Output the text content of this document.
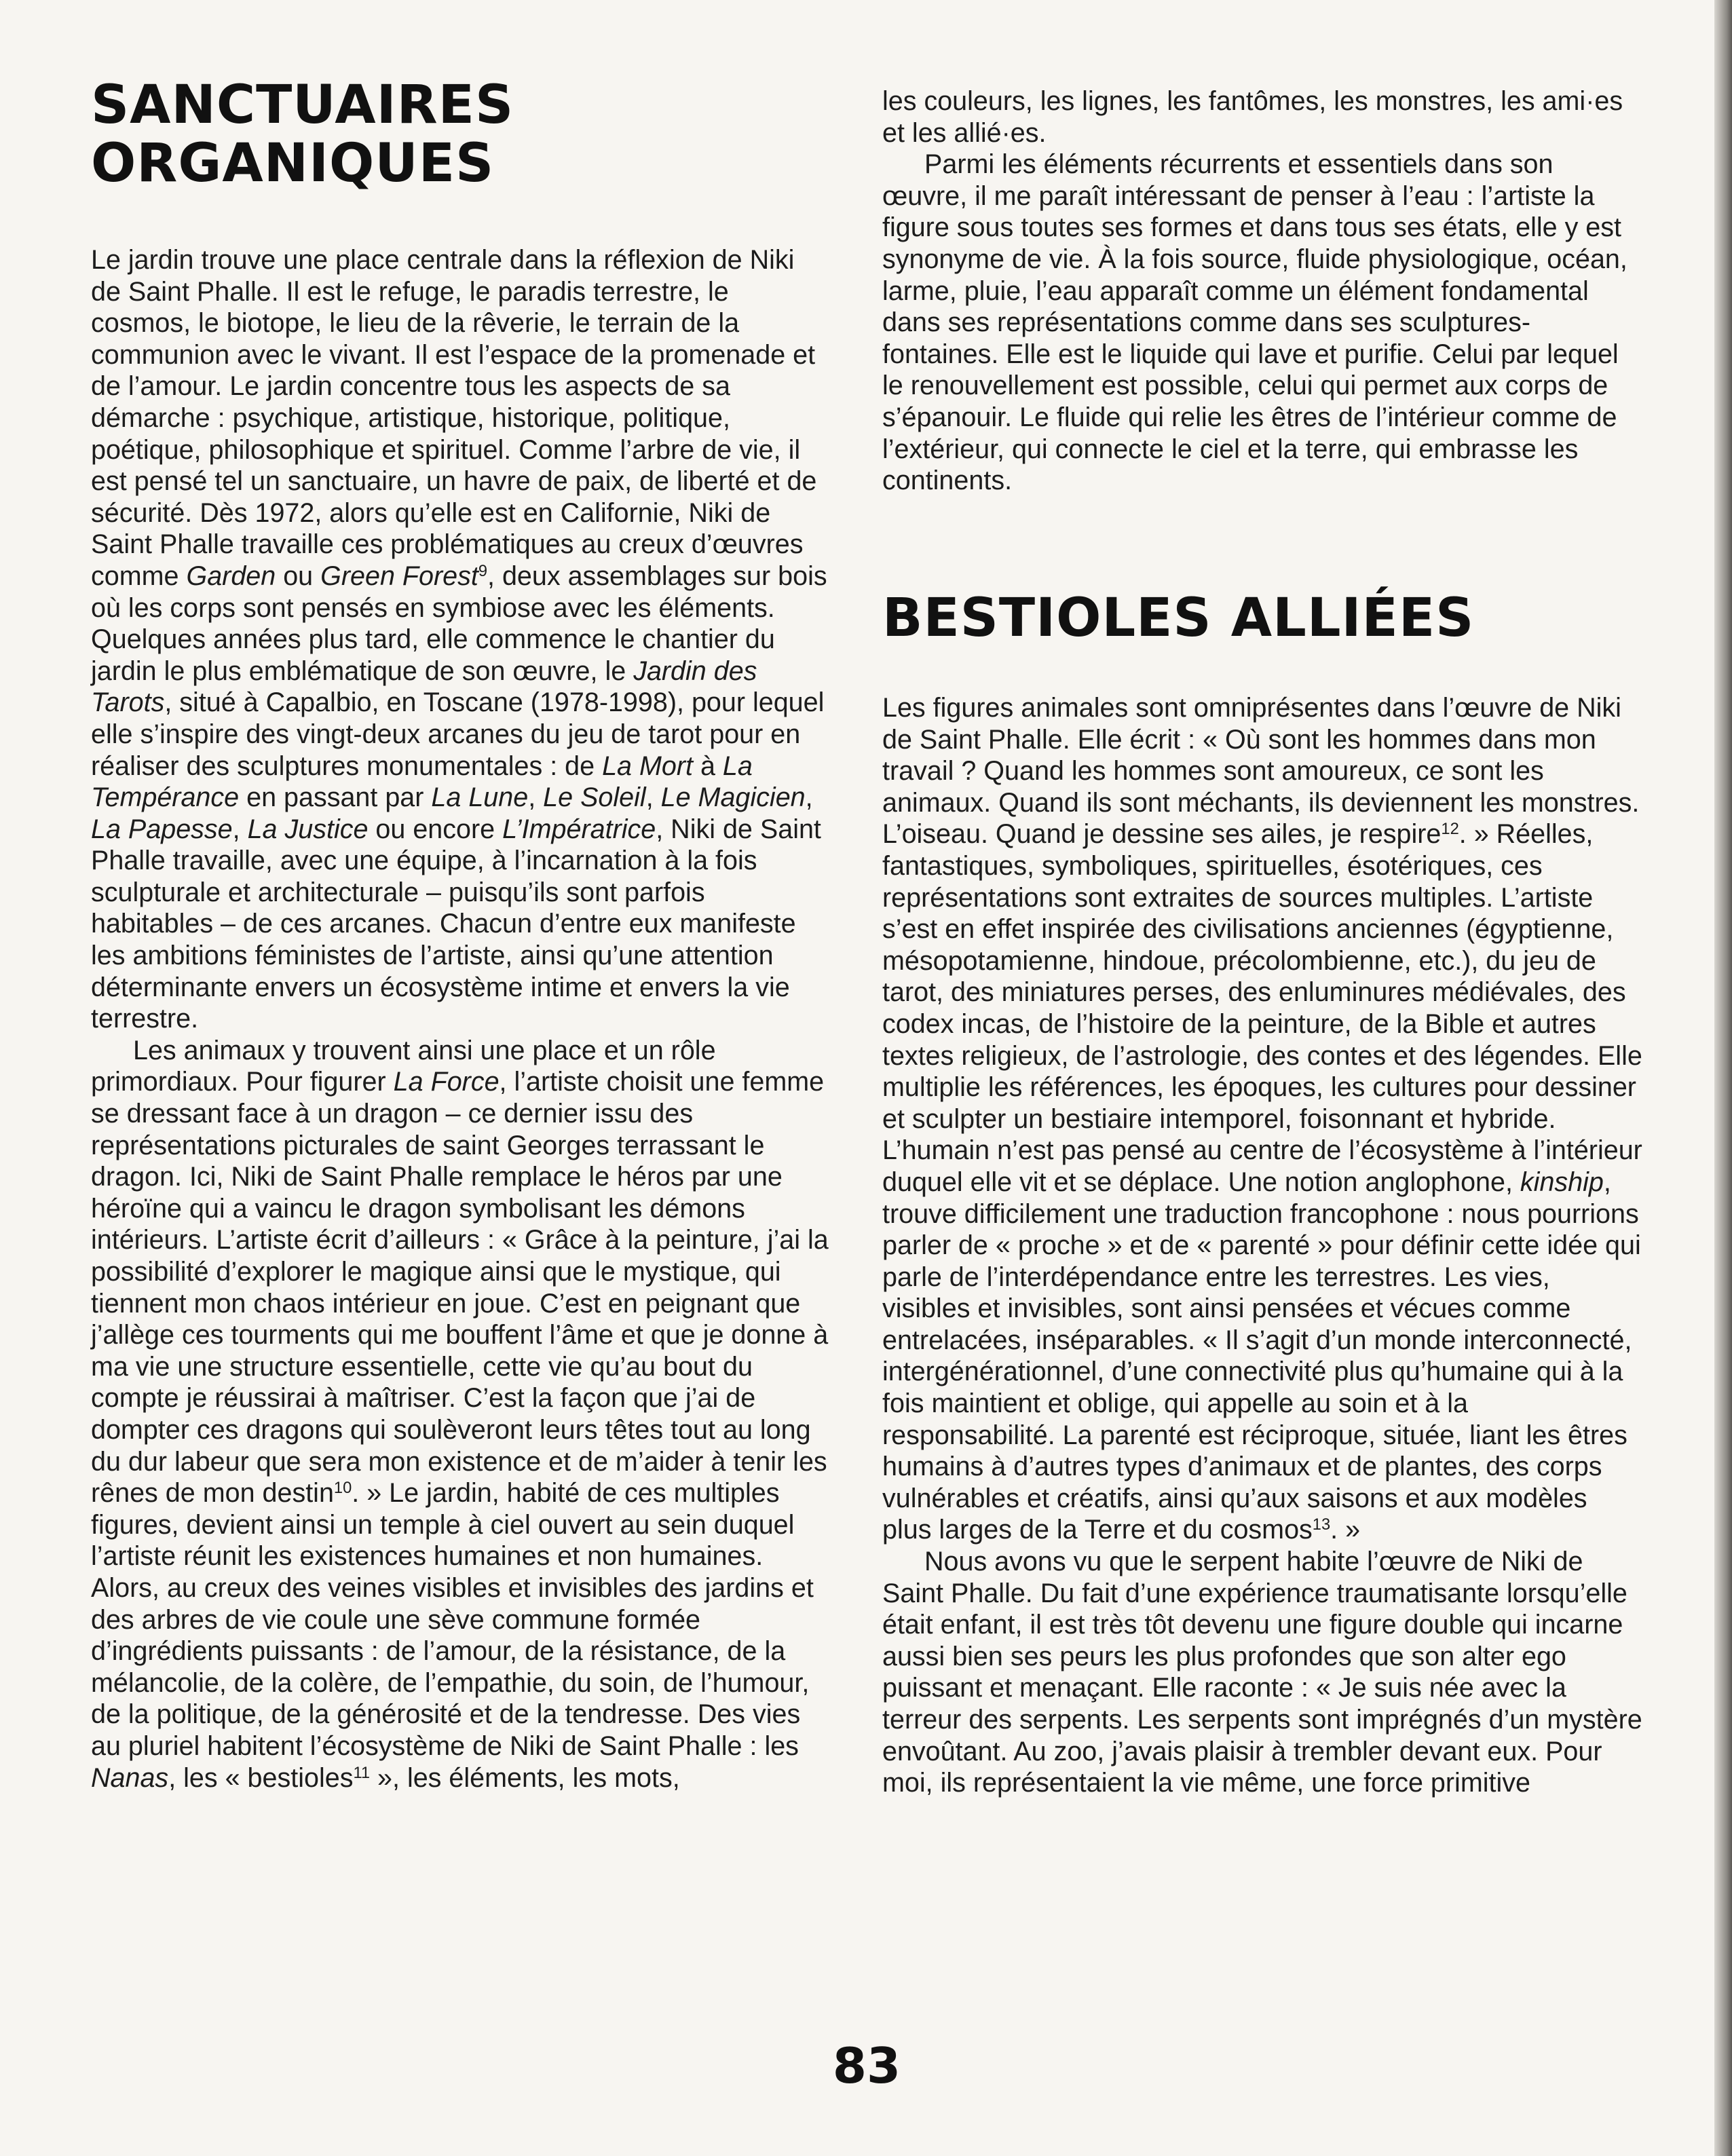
SANCTUAIRES
ORGANIQUES

Le jardin trouve une place centrale dans la réflexion de Niki de Saint Phalle. Il est le refuge, le paradis terrestre, le cosmos, le biotope, le lieu de la rêverie, le terrain de la communion avec le vivant. Il est l’espace de la promenade et de l’amour. Le jardin concentre tous les aspects de sa démarche : psychique, artistique, historique, politique, poétique, philosophique et spirituel. Comme l’arbre de vie, il est pensé tel un sanctuaire, un havre de paix, de liberté et de sécurité. Dès 1972, alors qu’elle est en Californie, Niki de Saint Phalle travaille ces problématiques au creux d’œuvres comme Garden ou Green Forest$^9$, deux assemblages sur bois où les corps sont pensés en symbiose avec les éléments. Quelques années plus tard, elle commence le chantier du jardin le plus emblématique de son œuvre, le Jardin des Tarots, situé à Capalbio, en Toscane (1978-1998), pour lequel elle s’inspire des vingt-deux arcanes du jeu de tarot pour en réaliser des sculptures monumentales : de La Mort à La Tempérance en passant par La Lune, Le Soleil, Le Magicien, La Papesse, La Justice ou encore L’Impératrice, Niki de Saint Phalle travaille, avec une équipe, à l’incarnation à la fois sculpturale et architecturale – puisqu’ils sont parfois habitables – de ces arcanes. Chacun d’entre eux manifeste les ambitions féministes de l’artiste, ainsi qu’une attention déterminante envers un écosystème intime et envers la vie terrestre.

Les animaux y trouvent ainsi une place et un rôle primordiaux. Pour figurer La Force, l’artiste choisit une femme se dressant face à un dragon – ce dernier issu des représentations picturales de saint Georges terrassant le dragon. Ici, Niki de Saint Phalle remplace le héros par une héroïne qui a vaincu le dragon symbolisant les démons intérieurs. L’artiste écrit d’ailleurs : « Grâce à la peinture, j’ai la possibilité d’explorer le magique ainsi que le mystique, qui tiennent mon chaos intérieur en joue. C’est en peignant que j’allège ces tourments qui me bouffent l’âme et que je donne à ma vie une structure essentielle, cette vie qu’au bout du compte je réussirai à maîtriser. C’est la façon que j’ai de dompter ces dragons qui soulèveront leurs têtes tout au long du dur labeur que sera mon existence et de m’aider à tenir les rênes de mon destin$^{10}$. » Le jardin, habité de ces multiples figures, devient ainsi un temple à ciel ouvert au sein duquel l’artiste réunit les existences humaines et non humaines. Alors, au creux des veines visibles et invisibles des jardins et des arbres de vie coule une sève commune formée d’ingrédients puissants : de l’amour, de la résistance, de la mélancolie, de la colère, de l’empathie, du soin, de l’humour, de la politique, de la générosité et de la tendresse. Des vies au pluriel habitent l’écosystème de Niki de Saint Phalle : les Nanas, les « bestioles$^{11}$ », les éléments, les mots,

les couleurs, les lignes, les fantômes, les monstres, les ami·es et les allié·es.

Parmi les éléments récurrents et essentiels dans son œuvre, il me paraît intéressant de penser à l’eau : l’artiste la figure sous toutes ses formes et dans tous ses états, elle y est synonyme de vie. À la fois source, fluide physiologique, océan, larme, pluie, l’eau apparaît comme un élément fondamental dans ses représentations comme dans ses sculptures-fontaines. Elle est le liquide qui lave et purifie. Celui par lequel le renouvellement est possible, celui qui permet aux corps de s’épanouir. Le fluide qui relie les êtres de l’intérieur comme de l’extérieur, qui connecte le ciel et la terre, qui embrasse les continents.

BESTIOLES ALLIÉES

Les figures animales sont omniprésentes dans l’œuvre de Niki de Saint Phalle. Elle écrit : « Où sont les hommes dans mon travail ? Quand les hommes sont amoureux, ce sont les animaux. Quand ils sont méchants, ils deviennent les monstres. L’oiseau. Quand je dessine ses ailes, je respire$^{12}$. » Réelles, fantastiques, symboliques, spirituelles, ésotériques, ces représentations sont extraites de sources multiples. L’artiste s’est en effet inspirée des civilisations anciennes (égyptienne, mésopotamienne, hindoue, précolombienne, etc.), du jeu de tarot, des miniatures perses, des enluminures médiévales, des codex incas, de l’histoire de la peinture, de la Bible et autres textes religieux, de l’astrologie, des contes et des légendes. Elle multiplie les références, les époques, les cultures pour dessiner et sculpter un bestiaire intemporel, foisonnant et hybride. L’humain n’est pas pensé au centre de l’écosystème à l’intérieur duquel elle vit et se déplace. Une notion anglophone, kinship, trouve difficilement une traduction francophone : nous pourrions parler de « proche » et de « parenté » pour définir cette idée qui parle de l’interdépendance entre les terrestres. Les vies, visibles et invisibles, sont ainsi pensées et vécues comme entrelacées, inséparables. « Il s’agit d’un monde interconnecté, intergénérationnel, d’une connectivité plus qu’humaine qui à la fois maintient et oblige, qui appelle au soin et à la responsabilité. La parenté est réciproque, située, liant les êtres humains à d’autres types d’animaux et de plantes, des corps vulnérables et créatifs, ainsi qu’aux saisons et aux modèles plus larges de la Terre et du cosmos$^{13}$. »

Nous avons vu que le serpent habite l’œuvre de Niki de Saint Phalle. Du fait d’une expérience traumatisante lorsqu’elle était enfant, il est très tôt devenu une figure double qui incarne aussi bien ses peurs les plus profondes que son alter ego puissant et menaçant. Elle raconte : « Je suis née avec la terreur des serpents. Les serpents sont imprégnés d’un mystère envoûtant. Au zoo, j’avais plaisir à trembler devant eux. Pour moi, ils représentaient la vie même, une force primitive

83
